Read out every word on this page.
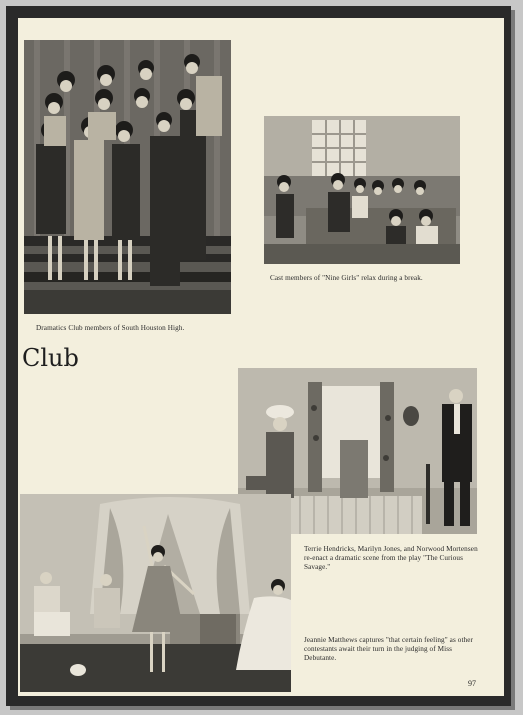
Dramatics Club members of South Houston High.
Cast members of "Nine Girls" relax during a break.
Club
Terrie Hendricks, Marilyn Jones, and Norwood Mortensen re-enact a dramatic scene from the play "The Curious Savage."
Jeannie Matthews captures "that certain feeling" as other contestants await their turn in the judging of Miss Debutante.
97
